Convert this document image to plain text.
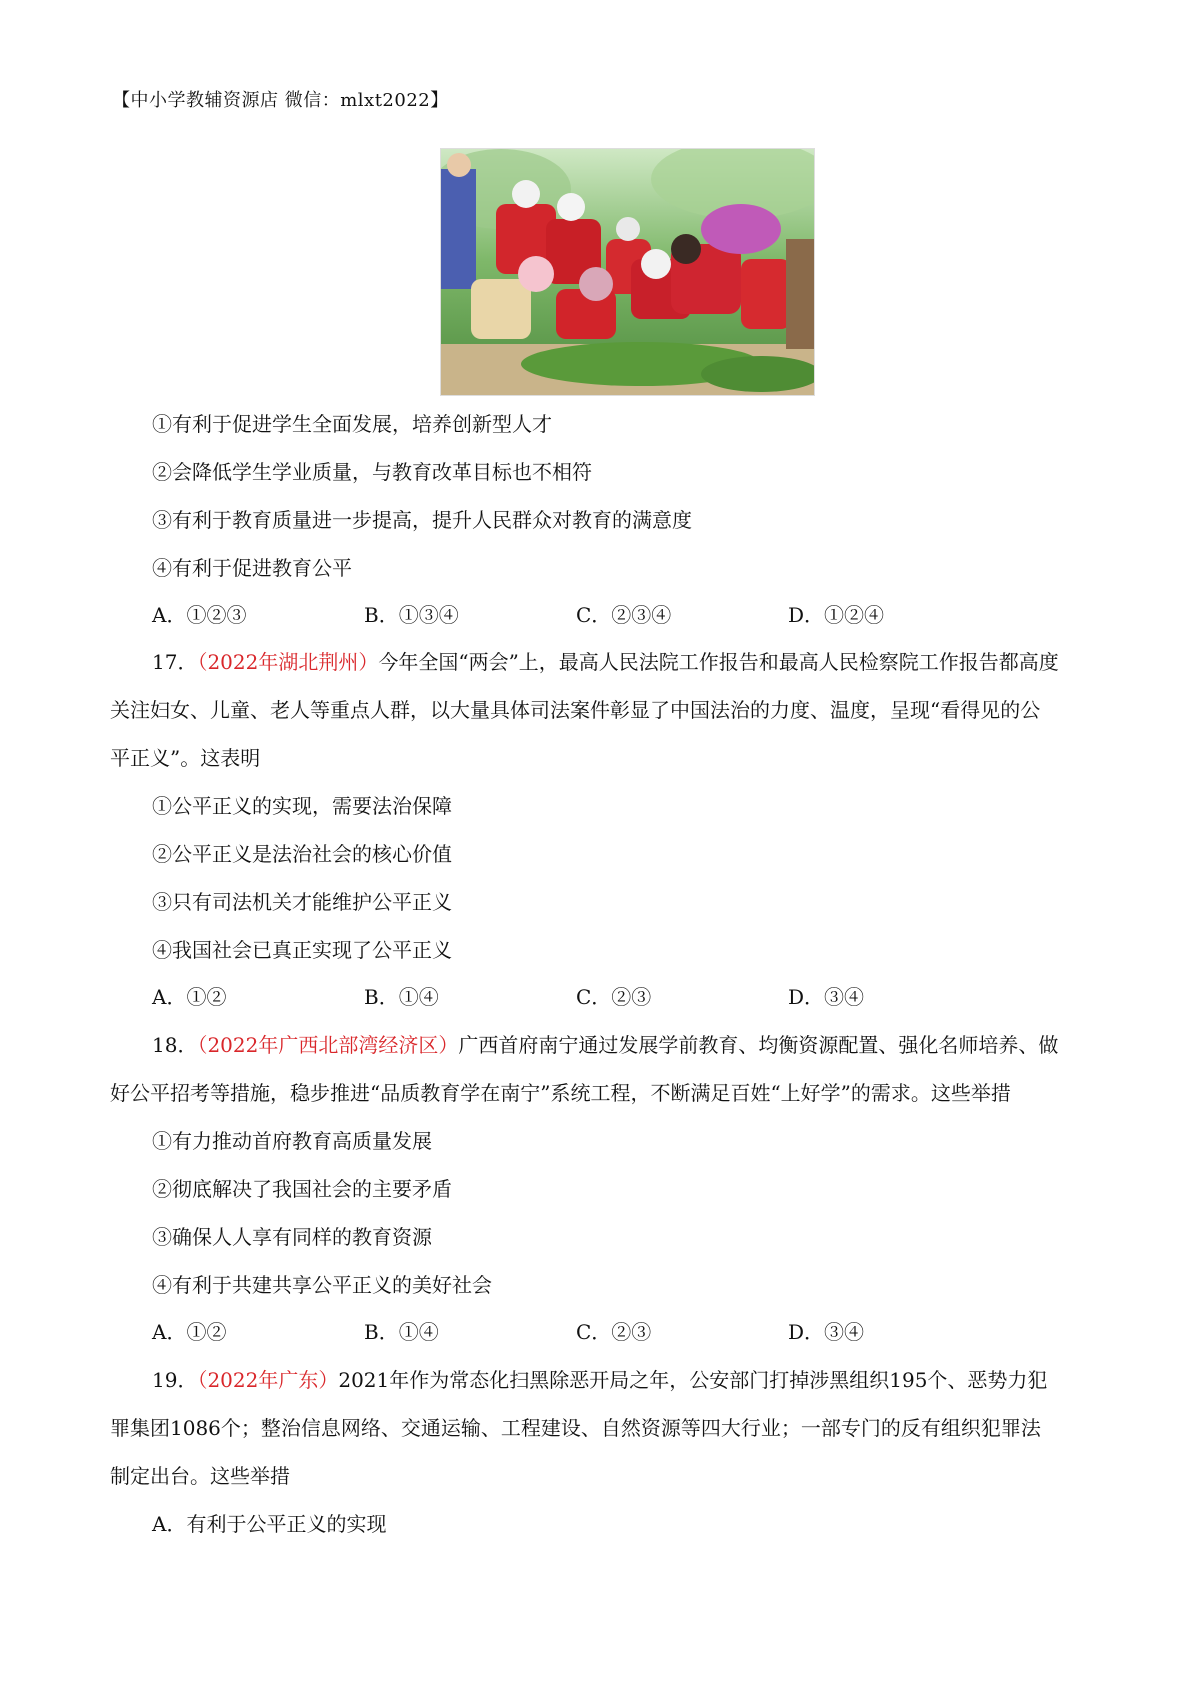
【中小学教辅资源店 微信：mlxt2022】
①有利于促进学生全面发展，培养创新型人才
②会降低学生学业质量，与教育改革目标也不相符
③有利于教育质量进一步提高，提升人民群众对教育的满意度
④有利于促进教育公平
A．①②③	B．①③④	C．②③④	D．①②④
17．（2022年湖北荆州）今年全国“两会”上，最高人民法院工作报告和最高人民检察院工作报告都高度
关注妇女、儿童、老人等重点人群，以大量具体司法案件彰显了中国法治的力度、温度，呈现“看得见的公
平正义”。这表明
①公平正义的实现，需要法治保障
②公平正义是法治社会的核心价值
③只有司法机关才能维护公平正义
④我国社会已真正实现了公平正义
A．①②	B．①④	C．②③	D．③④
18．（2022年广西北部湾经济区）广西首府南宁通过发展学前教育、均衡资源配置、强化名师培养、做
好公平招考等措施，稳步推进“品质教育学在南宁”系统工程，不断满足百姓“上好学”的需求。这些举措
①有力推动首府教育高质量发展
②彻底解决了我国社会的主要矛盾
③确保人人享有同样的教育资源
④有利于共建共享公平正义的美好社会
A．①②	B．①④	C．②③	D．③④
19．（2022年广东）2021年作为常态化扫黑除恶开局之年，公安部门打掉涉黑组织195个、恶势力犯
罪集团1086个；整治信息网络、交通运输、工程建设、自然资源等四大行业；一部专门的反有组织犯罪法
制定出台。这些举措
A．有利于公平正义的实现
